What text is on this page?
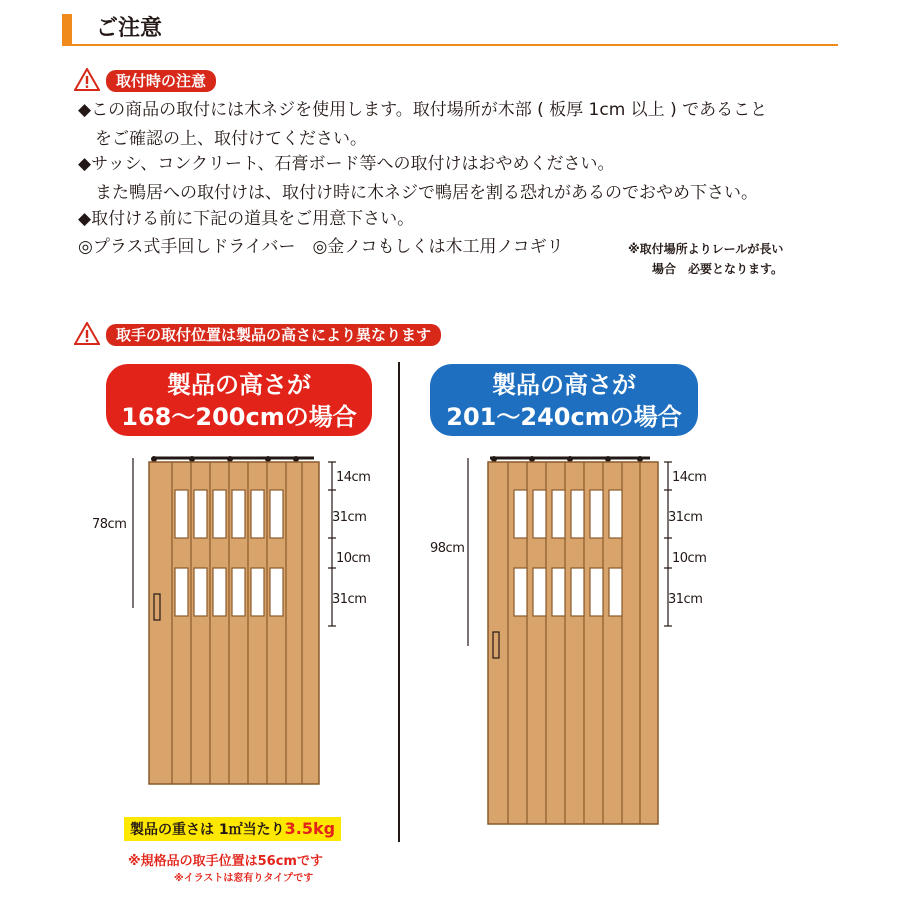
ご注意
取付時の注意
◆この商品の取付には木ネジを使用します。取付場所が木部 ( 板厚 1cm 以上 ) であること
　をご確認の上、取付けてください。
◆サッシ、コンクリート、石膏ボード等への取付けはおやめください。
　また鴨居への取付けは、取付け時に木ネジで鴨居を割る恐れがあるのでおやめ下さい。
◆取付ける前に下記の道具をご用意下さい。
◎プラス式手回しドライバー　◎金ノコもしくは木工用ノコギリ	※取付場所よりレールが長い
場合　必要となります。
取手の取付位置は製品の高さにより異なります
製品の高さが
168～200cmの場合
製品の高さが
201～240cmの場合
78cm
14cm
31cm
10cm
31cm
98cm
14cm
31cm
10cm
31cm
製品の重さは 1㎡当たり3.5kg
※規格品の取手位置は56cmです
※イラストは窓有りタイプです
